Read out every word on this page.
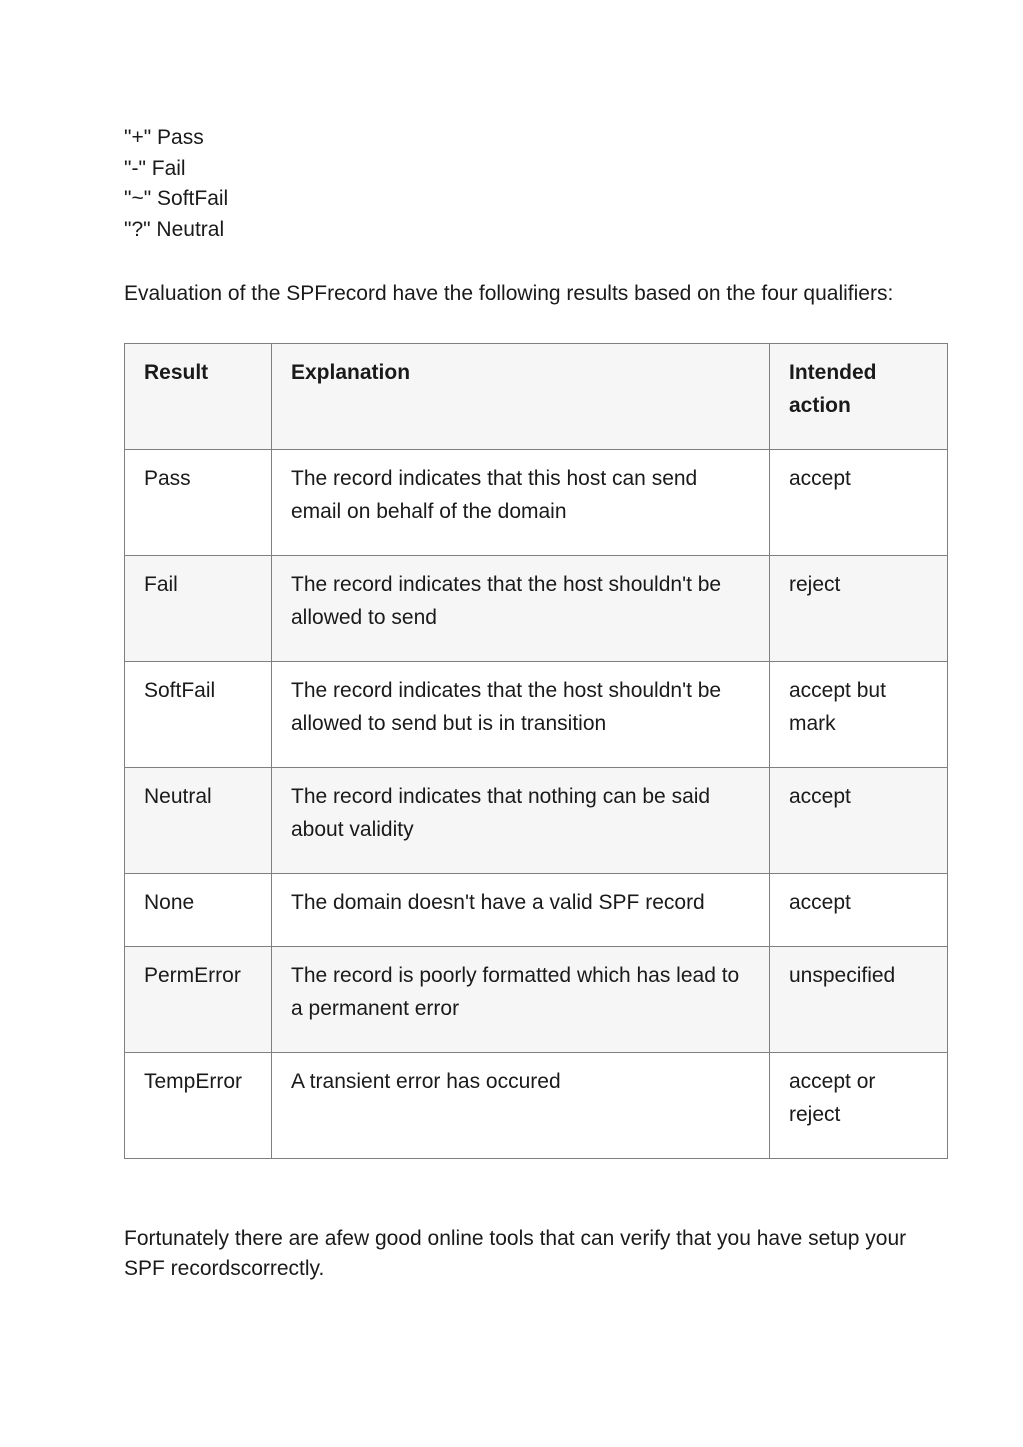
"+" Pass
"-" Fail
"~" SoftFail
"?" Neutral

Evaluation of the SPFrecord have the following results based on the four qualifiers:

Result	Explanation	Intended action
Pass	The record indicates that this host can send email on behalf of the domain	accept
Fail	The record indicates that the host shouldn't be allowed to send	reject
SoftFail	The record indicates that the host shouldn't be allowed to send but is in transition	accept but mark
Neutral	The record indicates that nothing can be said about validity	accept
None	The domain doesn't have a valid SPF record	accept
PermError	The record is poorly formatted which has lead to a permanent error	unspecified
TempError	A transient error has occured	accept or reject

Fortunately there are afew good online tools that can verify that you have setup your SPF recordscorrectly.
